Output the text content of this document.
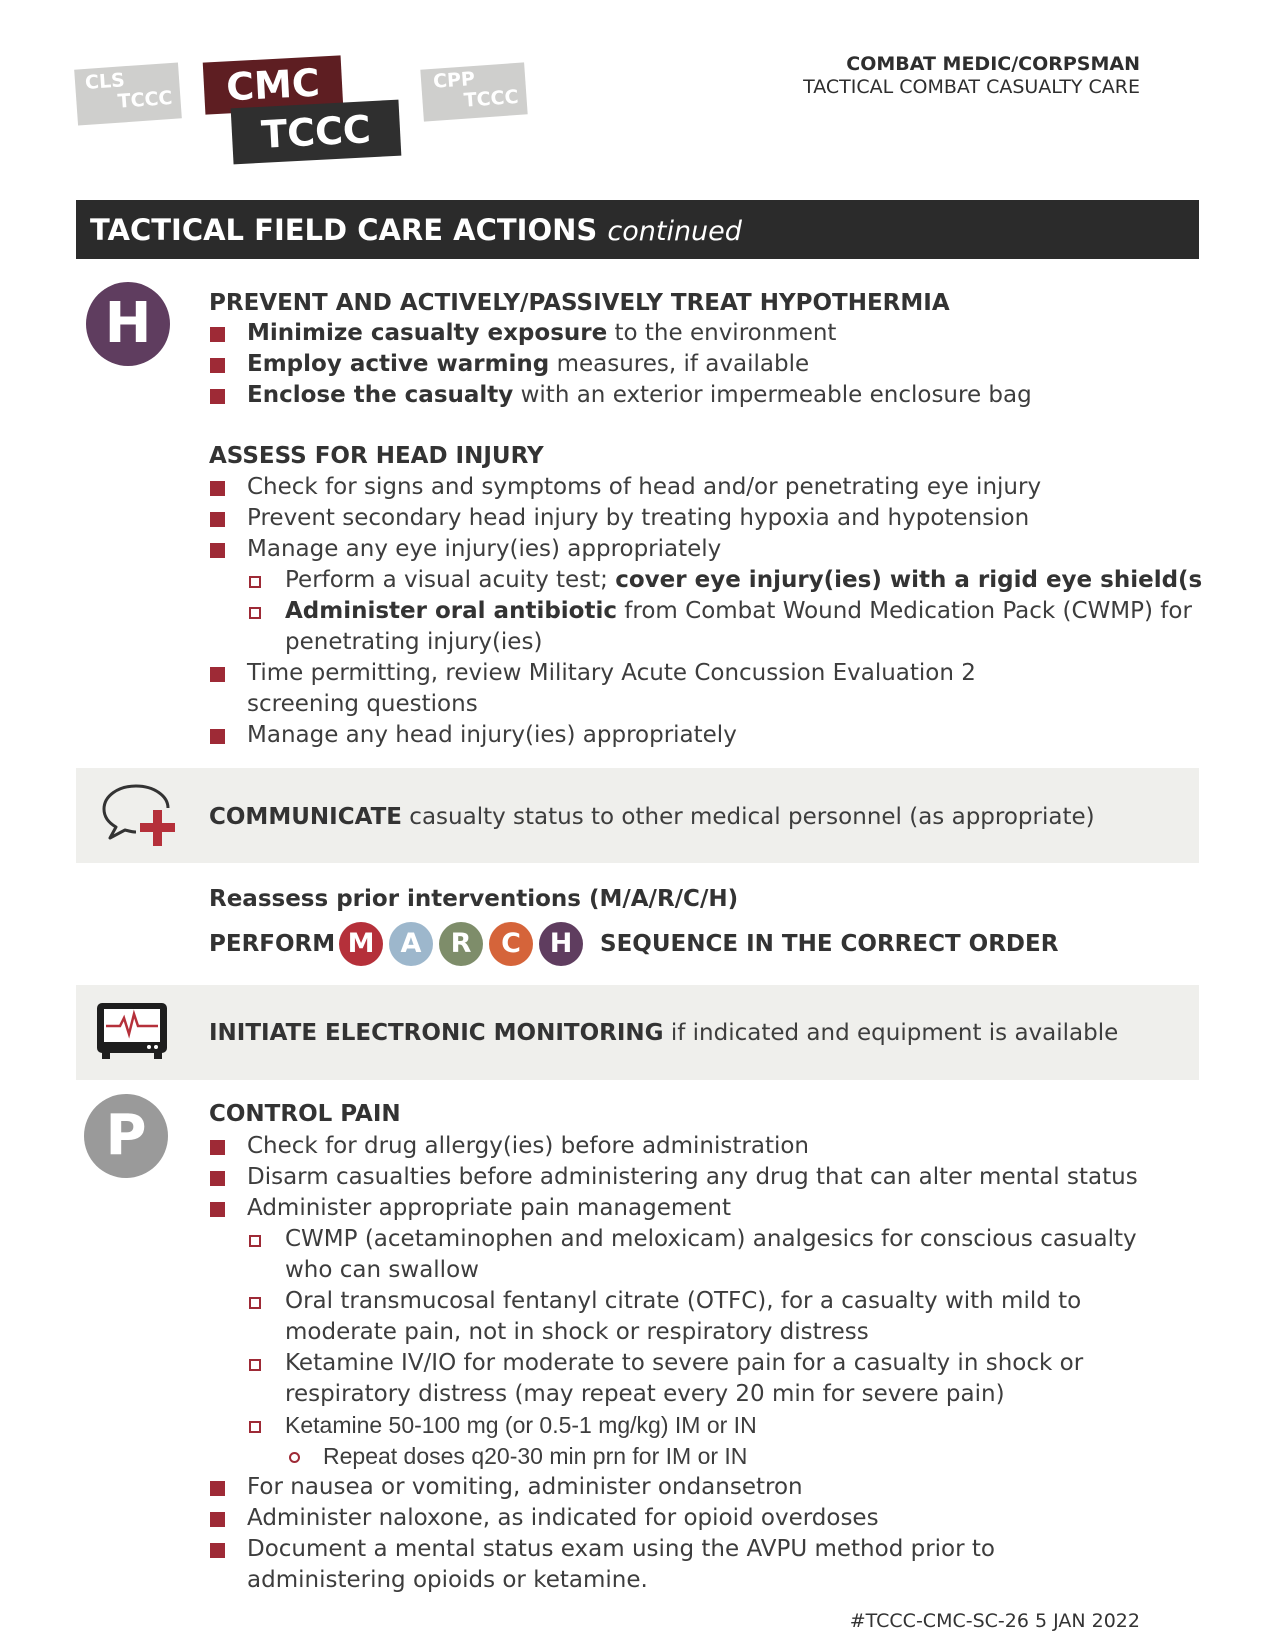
CLS
TCCC	CMC
TCCC
CPP
TCCC
COMBAT MEDIC/CORPSMAN
TACTICAL COMBAT CASUALTY CARE
TACTICAL FIELD CARE ACTIONS continued
H	PREVENT AND ACTIVELY/PASSIVELY TREAT HYPOTHERMIA
Minimize casualty exposure to the environment
Employ active warming measures, if available
Enclose the casualty with an exterior impermeable enclosure bag
ASSESS FOR HEAD INJURY
Check for signs and symptoms of head and/or penetrating eye injury
Prevent secondary head injury by treating hypoxia and hypotension
Manage any eye injury(ies) appropriately
Perform a visual acuity test; cover eye injury(ies) with a rigid eye shield(s
Administer oral antibiotic from Combat Wound Medication Pack (CWMP) for penetrating injury(ies)
Time permitting, review Military Acute Concussion Evaluation 2 screening questions
Manage any head injury(ies) appropriately
COMMUNICATE casualty status to other medical personnel (as appropriate)
Reassess prior interventions (M/A/R/C/H)
PERFORM M A	R	C	H	SEQUENCE IN THE CORRECT ORDER
INITIATE ELECTRONIC MONITORING if indicated and equipment is available
P	CONTROL PAIN
Check for drug allergy(ies) before administration
Disarm casualties before administering any drug that can alter mental status
Administer appropriate pain management
CWMP (acetaminophen and meloxicam) analgesics for conscious casualty who can swallow
Oral transmucosal fentanyl citrate (OTFC), for a casualty with mild to moderate pain, not in shock or respiratory distress
Ketamine IV/IO for moderate to severe pain for a casualty in shock or respiratory distress (may repeat every 20 min for severe pain)
Ketamine 50-100 mg (or 0.5-1 mg/kg) IM or IN
Repeat doses q20-30 min prn for IM or IN
For nausea or vomiting, administer ondansetron
Administer naloxone, as indicated for opioid overdoses
Document a mental status exam using the AVPU method prior to administering opioids or ketamine.
#TCCC-CMC-SC-26 5 JAN 2022
